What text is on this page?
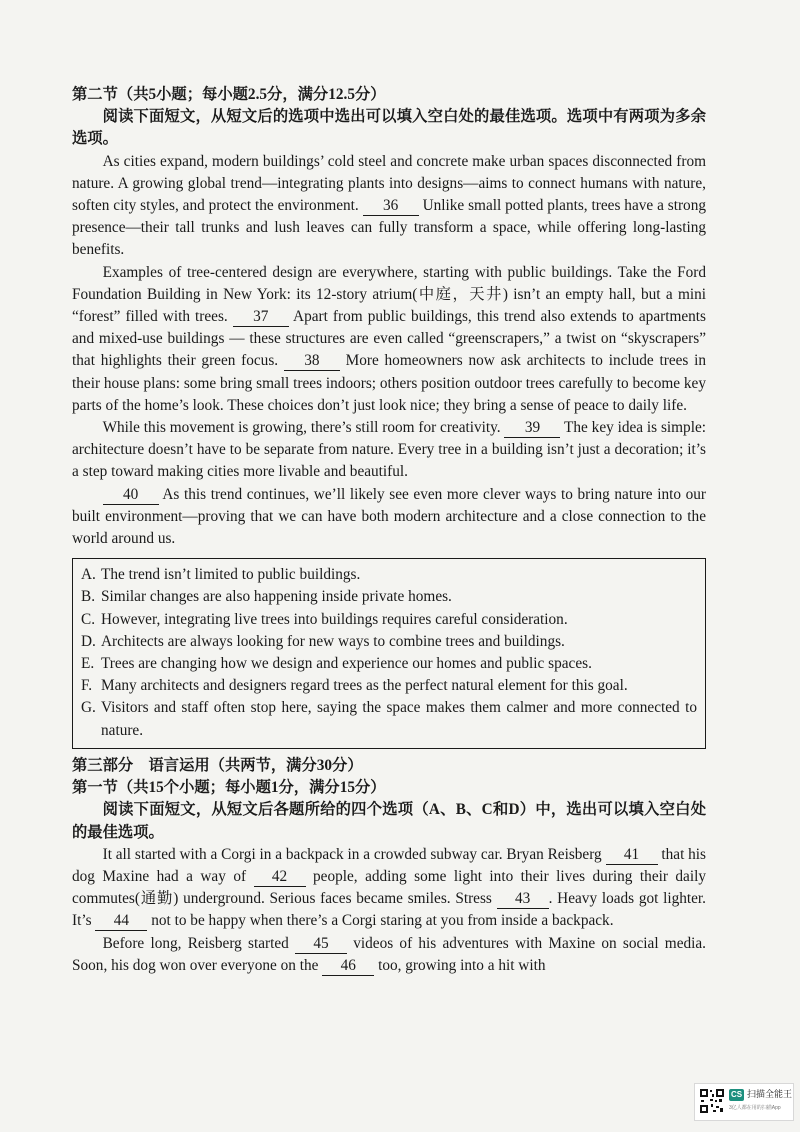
第二节（共5小题；每小题2.5分，满分12.5分）

阅读下面短文，从短文后的选项中选出可以填入空白处的最佳选项。选项中有两项为多余选项。

As cities expand, modern buildings’ cold steel and concrete make urban spaces disconnected from nature. A growing global trend—integrating plants into designs—aims to connect humans with nature, soften city styles, and protect the environment. 36 Unlike small potted plants, trees have a strong presence—their tall trunks and lush leaves can fully transform a space, while offering long-lasting benefits.

Examples of tree-centered design are everywhere, starting with public buildings. Take the Ford Foundation Building in New York: its 12-story atrium(中庭，天井) isn’t an empty hall, but a mini “forest” filled with trees. 37 Apart from public buildings, this trend also extends to apartments and mixed-use buildings — these structures are even called “greenscrapers,” a twist on “skyscrapers” that highlights their green focus. 38 More homeowners now ask architects to include trees in their house plans: some bring small trees indoors; others position outdoor trees carefully to become key parts of the home’s look. These choices don’t just look nice; they bring a sense of peace to daily life.

While this movement is growing, there’s still room for creativity. 39 The key idea is simple: architecture doesn’t have to be separate from nature. Every tree in a building isn’t just a decoration; it’s a step toward making cities more livable and beautiful.

40 As this trend continues, we’ll likely see even more clever ways to bring nature into our built environment—proving that we can have both modern architecture and a close connection to the world around us.

A. The trend isn’t limited to public buildings.
B. Similar changes are also happening inside private homes.
C. However, integrating live trees into buildings requires careful consideration.
D. Architects are always looking for new ways to combine trees and buildings.
E. Trees are changing how we design and experience our homes and public spaces.
F. Many architects and designers regard trees as the perfect natural element for this goal.
G. Visitors and staff often stop here, saying the space makes them calmer and more connected to nature.

第三部分　语言运用（共两节，满分30分）

第一节（共15个小题；每小题1分，满分15分）

阅读下面短文，从短文后各题所给的四个选项（A、B、C和D）中，选出可以填入空白处的最佳选项。

It all started with a Corgi in a backpack in a crowded subway car. Bryan Reisberg 41 that his dog Maxine had a way of 42 people, adding some light into their lives during their daily commutes(通勤) underground. Serious faces became smiles. Stress 43 . Heavy loads got lighter. It’s 44 not to be happy when there’s a Corgi staring at you from inside a backpack.

Before long, Reisberg started 45 videos of his adventures with Maxine on social media. Soon, his dog won over everyone on the 46 too, growing into a hit with

CS 扫描全能王
3亿人都在用的扫描App
